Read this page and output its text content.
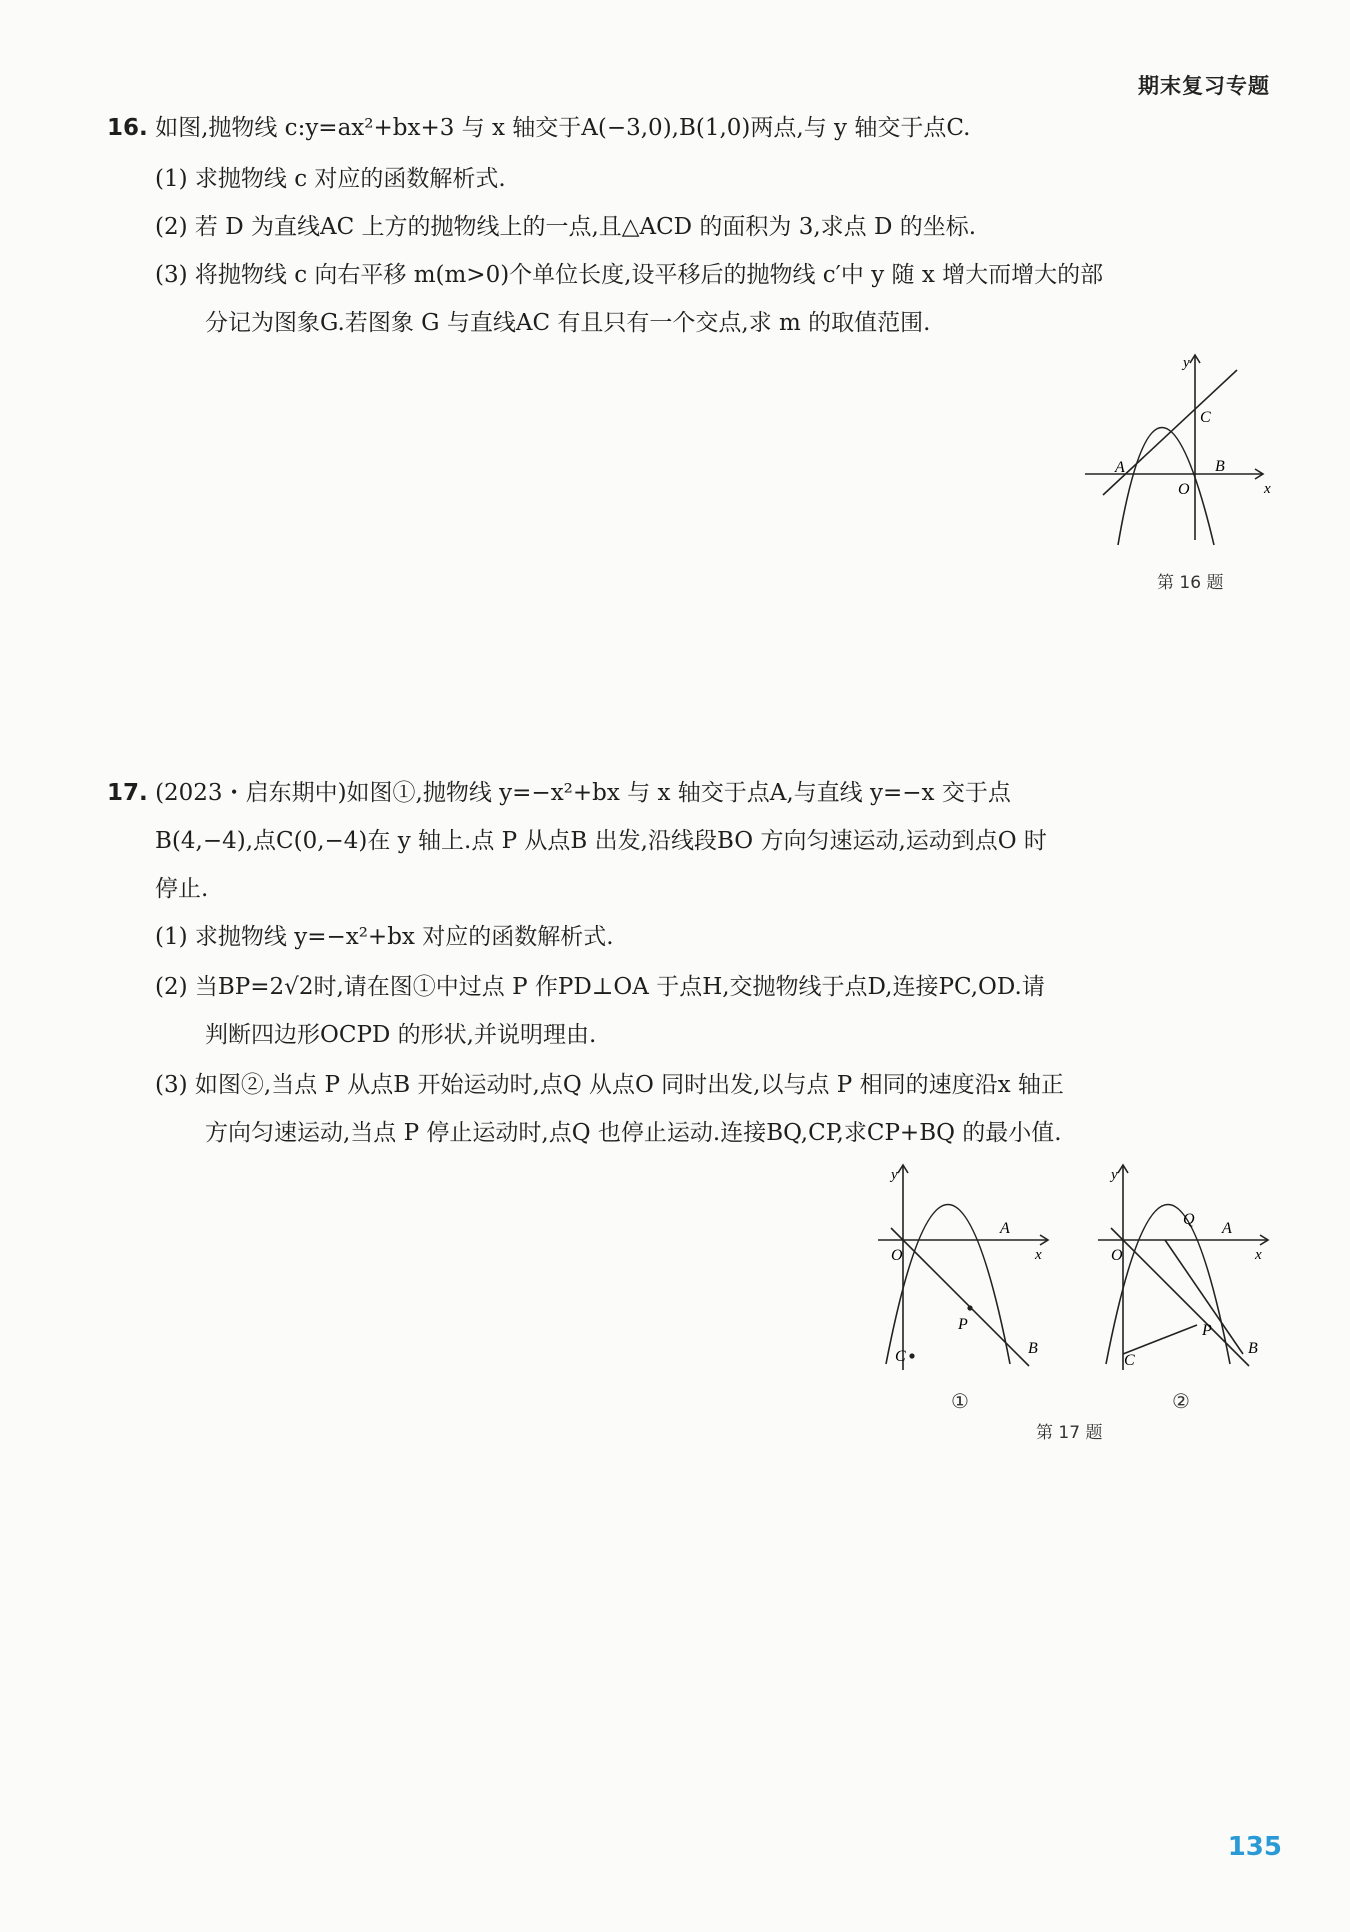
期末复习专题
16. 如图,抛物线 c:y=ax²+bx+3 与 x 轴交于A(−3,0),B(1,0)两点,与 y 轴交于点C.
(1) 求抛物线 c 对应的函数解析式.
(2) 若 D 为直线AC 上方的抛物线上的一点,且△ACD 的面积为 3,求点 D 的坐标.
(3) 将抛物线 c 向右平移 m(m>0)个单位长度,设平移后的抛物线 c′中 y 随 x 增大而增大的部
分记为图象G.若图象 G 与直线AC 有且只有一个交点,求 m 的取值范围.
y
x
C
A	B
O
第 16 题
17. (2023・启东期中)如图①,抛物线 y=−x²+bx 与 x 轴交于点A,与直线 y=−x 交于点
B(4,−4),点C(0,−4)在 y 轴上.点 P 从点B 出发,沿线段BO 方向匀速运动,运动到点O 时
停止.
(1) 求抛物线 y=−x²+bx 对应的函数解析式.
(2) 当BP=2√2时,请在图①中过点 P 作PD⊥OA 于点H,交抛物线于点D,连接PC,OD.请
判断四边形OCPD 的形状,并说明理由.
(3) 如图②,当点 P 从点B 开始运动时,点Q 从点O 同时出发,以与点 P 相同的速度沿x 轴正
方向匀速运动,当点 P 停止运动时,点Q 也停止运动.连接BQ,CP,求CP+BQ 的最小值.
y
x
O
A
P
B
C
①
y
x
O
Q
A
P
B
C
②
第 17 题
135
